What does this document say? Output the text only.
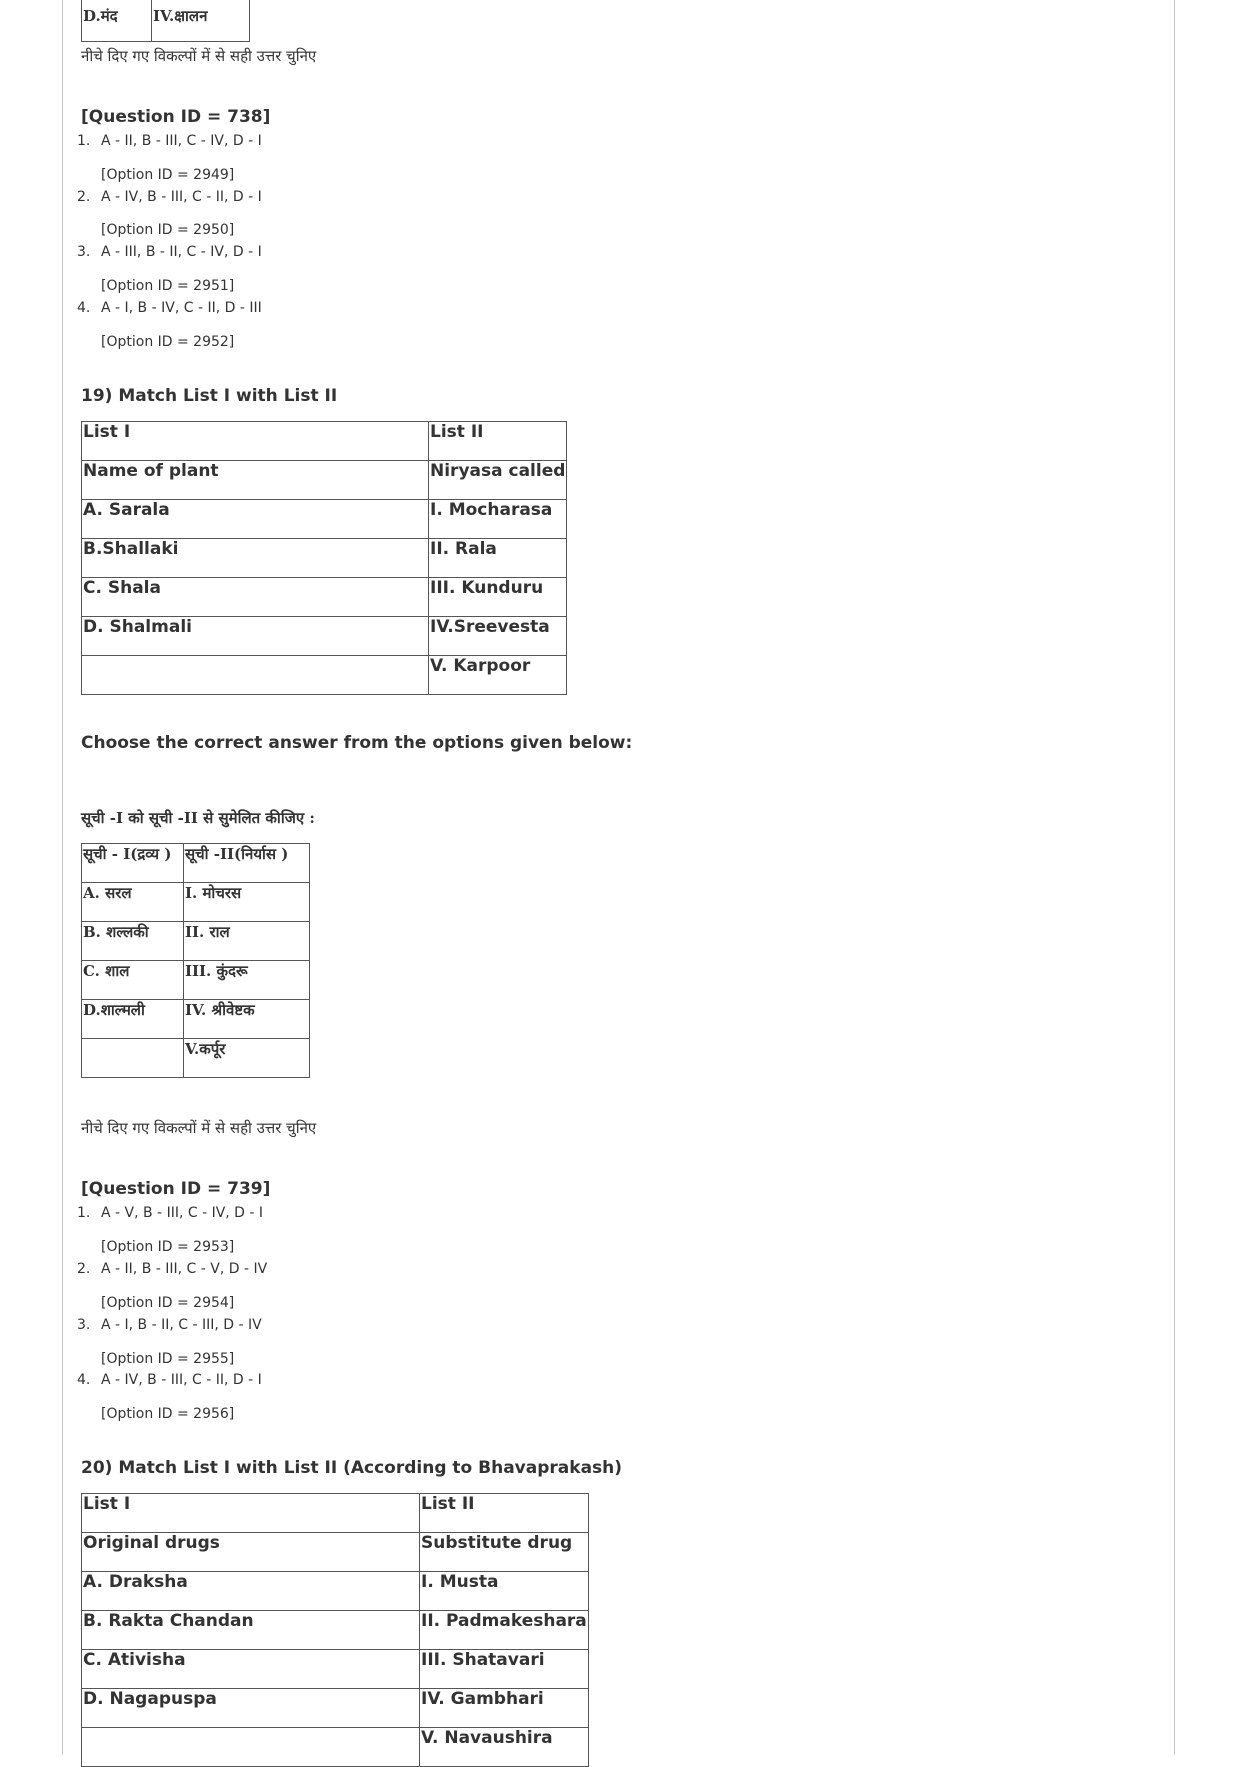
D.मंद	IV.क्षालन
नीचे दिए गए विकल्पों में से सही उत्तर चुनिए
[Question ID = 738]
1. A - II, B - III, C - IV, D - I
[Option ID = 2949]
2. A - IV, B - III, C - II, D - I
[Option ID = 2950]
3. A - III, B - II, C - IV, D - I
[Option ID = 2951]
4. A - I, B - IV, C - II, D - III
[Option ID = 2952]
19) Match List I with List II
List I	List II
Name of plant	Niryasa called
A. Sarala	I. Mocharasa
B.Shallaki	II. Rala
C. Shala	III. Kunduru
D. Shalmali	IV.Sreevesta
	V. Karpoor
Choose the correct answer from the options given below:
सूची -I को सूची -II से सुमेलित कीजिए :
सूची - I(द्रव्य )	सूची -II(निर्यास )
A. सरल	I. मोचरस
B. शल्लकी	II. राल
C. शाल	III. कुंदरू
D.शाल्मली	IV. श्रीवेष्टक
	V.कर्पूर
नीचे दिए गए विकल्पों में से सही उत्तर चुनिए
[Question ID = 739]
1. A - V, B - III, C - IV, D - I
[Option ID = 2953]
2. A - II, B - III, C - V, D - IV
[Option ID = 2954]
3. A - I, B - II, C - III, D - IV
[Option ID = 2955]
4. A - IV, B - III, C - II, D - I
[Option ID = 2956]
20) Match List I with List II (According to Bhavaprakash)
List I	List II
Original drugs	Substitute drug
A. Draksha	I. Musta
B. Rakta Chandan	II. Padmakeshara
C. Ativisha	III. Shatavari
D. Nagapuspa	IV. Gambhari
	V. Navaushira
